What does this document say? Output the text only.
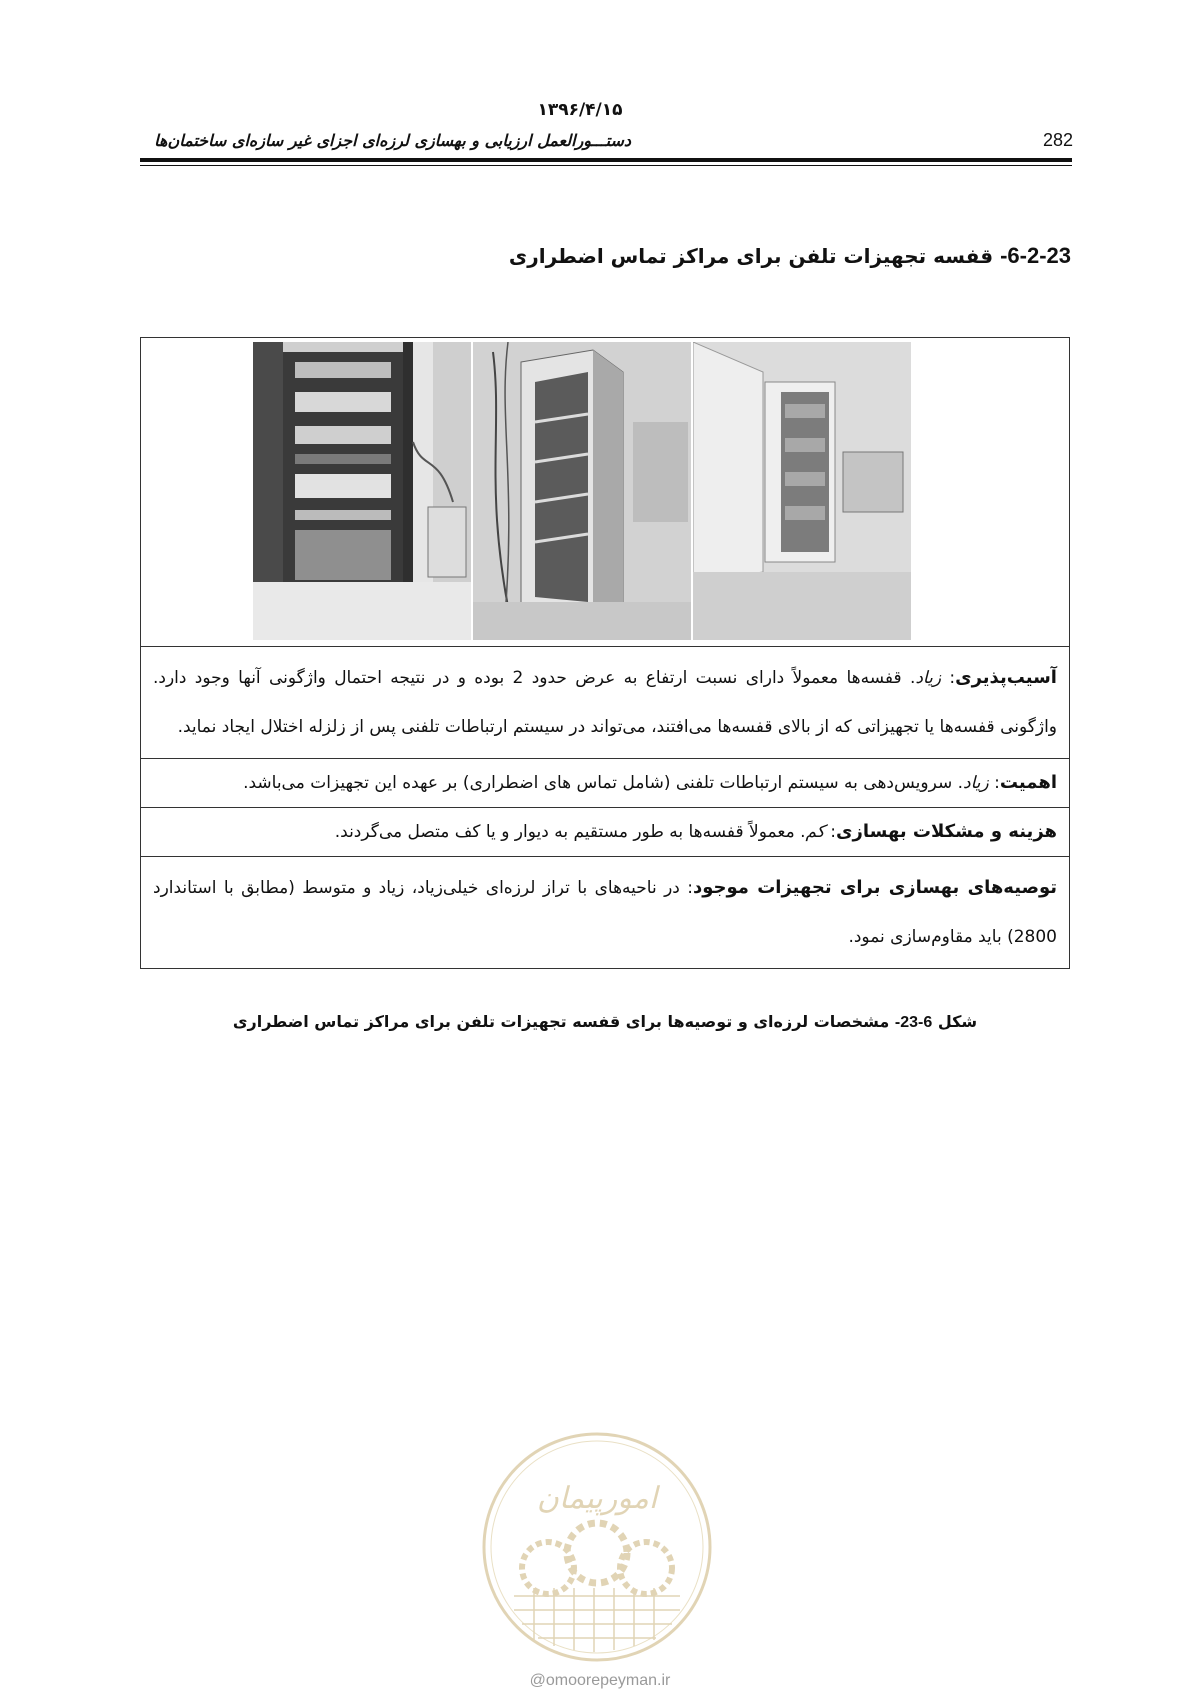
۱۳۹۶/۴/۱۵
دستـــورالعمل ارزیابی و بهسازی لرزه‌ای اجزای غیر سازه‌ای ساختمان‌ها	282
6-2-23- قفسه تجهیزات تلفن برای مراکز تماس اضطراری
آسیب‌پذیری: زیاد. قفسه‌ها معمولاً دارای نسبت ارتفاع به عرض حدود 2 بوده و در نتیجه احتمال واژگونی آنها وجود دارد. واژگونی قفسه‌ها یا تجهیزاتی که از بالای قفسه‌ها می‌افتند، می‌تواند در سیستم ارتباطات تلفنی پس از زلزله اختلال ایجاد نماید.
اهمیت: زیاد. سرویس‌دهی به سیستم ارتباطات تلفنی (شامل تماس های اضطراری) بر عهده این تجهیزات می‌باشد.
هزینه و مشکلات بهسازی: کم. معمولاً قفسه‌ها به طور مستقیم به دیوار و یا کف متصل می‌گردند.
توصیه‌های بهسازی برای تجهیزات موجود: در ناحیه‌های با تراز لرزه‌ای خیلی‌زیاد، زیاد و متوسط (مطابق با استاندارد 2800) باید مقاوم‌سازی نمود.
شکل 6-23- مشخصات لرزه‌ای و توصیه‌ها برای قفسه تجهیزات تلفن برای مراکز تماس اضطراری
امورپیمان
@omoorepeyman.ir
